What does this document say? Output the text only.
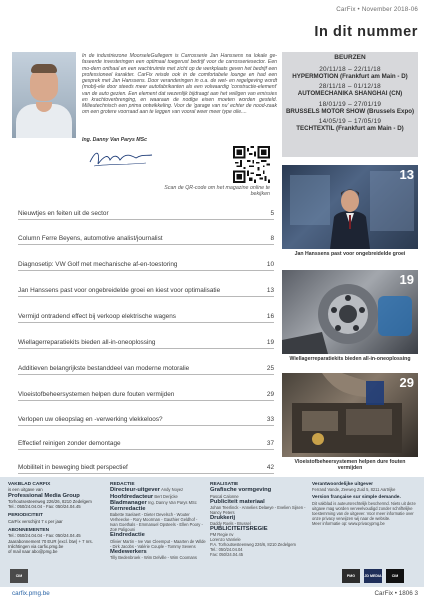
CarFix • November 2018-06
In dit nummer
BEURZEN
20/11/18 – 22/11/18
HYPERMOTION (Frankfurt am Main - D)
28/11/18 – 01/12/18
AUTOMECHANIKA SHANGHAI (CN)
18/01/19 – 27/01/19
BRUSSELS MOTOR SHOW (Brussels Expo)
14/05/19 – 17/05/19
TECHTEXTIL (Frankfurt am Main - D)
In de industriezone MoorseleGullegem is Carrosserie Jan Hanssens na lokale ge-faseerde investeringen een optimaal toegerust bedrijf voor de carrosseriesector. Een mo-dern onthaal en een wachtruimte met zicht op de werkplaats geven het bedrijf een professioneel karakter. CarFix reisde ook in de comfortabele lounge en had een gesprek met Jan Hanssens. Door veranderingen in o.a. de wet- en regelgeving wordt (mobi)-ele door steeds meer autofabrikanten als een volwaardig 'constructie-element' van de auto gezien. Een element dat wezenlijk bijdraagt aan het veiligen van emissies en krachtoverbrenging, en waaraan de nodige eisen moeten worden gesteld. Milieutechnisch een prima ontwikkeling. Voor de 'garage van nu' echter de nood-zaak om een grotere voorraad aan te leggen van vooral weer meer type olie....
Ing. Danny Van Parys MSc
Scan de QR-code om het magazine online te bekijken
Nieuwtjes en feiten uit de sector	5
Column Ferre Beyens, automotive analist/journalist	8
Diagnosetip: VW Golf met mechanische af-en-toestoring	10
Jan Hanssens past voor ongebreidelde groei en kiest voor optimalisatie	13
Vermijd ontradend effect bij verkoop elektrische wagens	16
Wiellagerreparatiekits bieden all-in-oneoplossing	19
Additieven belangrijkste bestanddeel van moderne motoralie	25
Vloeistofbeheersystemen helpen dure fouten vermijden	29
Verlopen uw olieopslag en -verwerking vlekkeloos?	33
Effectief reinigen zonder demontage	37
Mobiliteit in beweging biedt perspectief	42
13
Jan Hanssens past voor ongebreidelde groei
19
Wiellagerreparatiekits bieden all-in-oneoplossing
29
Vloeistofbeheersystemen helpen dure fouten vermijden
VAKBLAD CARFIX
is een uitgave van
Professional Media Group
Torhoutsesteenweg 226/26, 8210 Zedelgem
Tel.: 050/24.04.04 - Fax: 050/24.04.45
PERIODICITEIT
CarFix verschijnt 7 x per jaar
ABONNEMENTEN
Tel.: 050/24.04.04 - Fax: 050/24.04.45
Jaarabonnement 70 EUR (excl. btw) + 7 nrs.
Inlichtingen via carfix.pmg.be
of mail naar abo@pmg.be
REDACTIE
Directeur-uitgever Andy Noyez
Hoofdredacteur Bert Derijcke
Bladmanager Ing. Danny Van Parys MSc
Kernredactie
Babette Saelaert - Dieter Develsch - Wouter Verheecke - Rory Moorman - Gauthier Geldhof - Ivan Goethals - Emmanuel Opsteels - Ellen Poory - Zoë Paligouni
Eindredactie
Olivier Martin - Ive Van Cleemput - Maarten de Wilde - Dirk Jacobs - Valérie Couple - Tommy Sevens
Medewerkers
Tilly Bedenbroek - Wim Delville - Wim Coomans
REALISATIE
Grafische vormgeving
Pascal Calonne
Publiciteit materiaal
Johan Teerlinck - Annelies Delaeye - Evelien Sijsen - Nancy Peters
Drukkerij
Daddy Roels - Brussel
PUBLICITEITSREGIE
PM Regie nv
Lorenzo Vanriele
P.A. Torhoutsesteenweg 226/6, 8210 Zedelgem
Tel.: 050/24.04.04
Fax: 050/24.04.45
Verantwoordelijke uitgever
Ferrand Vande, Zeeweg Zuid 5, 8211 Aartrijke
Version française sur simple demande.
Dit vakblad is auteursrechtelijk beschermd. Niets uit deze uitgave mag worden verveelvoudigd zonder schriftelijke toestemming van de uitgever. Voor meer informatie over onze privacy verwijzen wij naar de website.
Meer informatie op: www.privacypmg.be
CIM	PMG	JD MEDIA	CIM
carfix.pmg.be	CarFix • 1806 3
